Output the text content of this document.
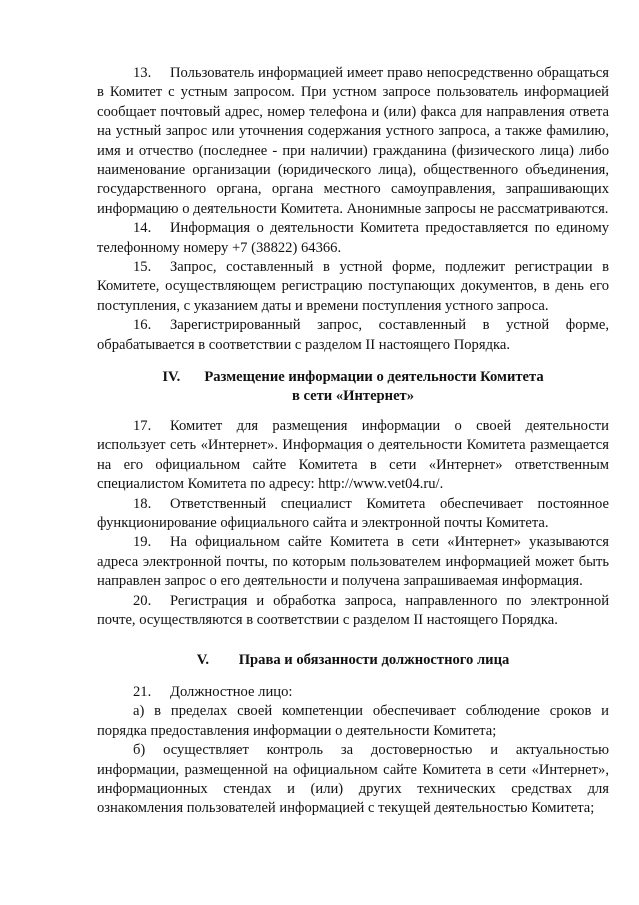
13. Пользователь информацией имеет право непосредственно обращаться в Комитет с устным запросом. При устном запросе пользователь информацией сообщает почтовый адрес, номер телефона и (или) факса для направления ответа на устный запрос или уточнения содержания устного запроса, а также фамилию, имя и отчество (последнее - при наличии) гражданина (физического лица) либо наименование организации (юридического лица), общественного объединения, государственного органа, органа местного самоуправления, запрашивающих информацию о деятельности Комитета. Анонимные запросы не рассматриваются.

14. Информация о деятельности Комитета предоставляется по единому телефонному номеру +7 (38822) 64366.

15. Запрос, составленный в устной форме, подлежит регистрации в Комитете, осуществляющем регистрацию поступающих документов, в день его поступления, с указанием даты и времени поступления устного запроса.

16. Зарегистрированный запрос, составленный в устной форме, обрабатывается в соответствии с разделом II настоящего Порядка.

IV. Размещение информации о деятельности Комитета
в сети «Интернет»

17. Комитет для размещения информации о своей деятельности использует сеть «Интернет». Информация о деятельности Комитета размещается на его официальном сайте Комитета в сети «Интернет» ответственным специалистом Комитета по адресу: http://www.vet04.ru/.

18. Ответственный специалист Комитета обеспечивает постоянное функционирование официального сайта и электронной почты Комитета.

19. На официальном сайте Комитета в сети «Интернет» указываются адреса электронной почты, по которым пользователем информацией может быть направлен запрос о его деятельности и получена запрашиваемая информация.

20. Регистрация и обработка запроса, направленного по электронной почте, осуществляются в соответствии с разделом II настоящего Порядка.

V. Права и обязанности должностного лица

21. Должностное лицо:

а) в пределах своей компетенции обеспечивает соблюдение сроков и порядка предоставления информации о деятельности Комитета;

б) осуществляет контроль за достоверностью и актуальностью информации, размещенной на официальном сайте Комитета в сети «Интернет», информационных стендах и (или) других технических средствах для ознакомления пользователей информацией с текущей деятельностью Комитета;
